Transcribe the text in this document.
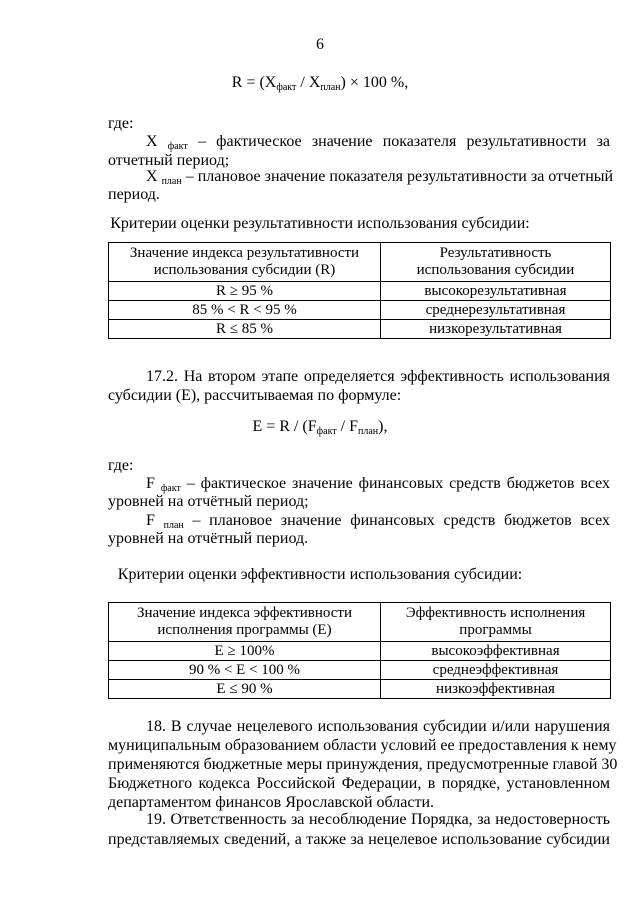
6
$R = (X_{факт} / X_{план}) \times 100$ %,
где:
X $_{факт}$ – фактическое значение показателя результативности за
отчетный период;
X $_{план}$ – плановое значение показателя результативности за отчетный
период.
Критерии оценки результативности использования субсидии:
Значение индекса результативности
использования субсидии (R)	Результативность
использования субсидии
R ≥ 95 %	высокорезультативная
85 % < R < 95 %	среднерезультативная
R ≤ 85 %	низкорезультативная
17.2. На втором этапе определяется эффективность использования
субсидии (Е), рассчитываемая по формуле:
$Е = R / (F_{факт} / F_{план})$,
где:
F $_{факт}$ – фактическое значение финансовых средств бюджетов всех
уровней на отчётный период;
F $_{план}$ – плановое значение финансовых средств бюджетов всех
уровней на отчётный период.
Критерии оценки эффективности использования субсидии:
Значение индекса эффективности
исполнения программы (Е)	Эффективность исполнения
программы
Е ≥ 100%	высокоэффективная
90 % < Е < 100 %	среднеэффективная
Е ≤ 90 %	низкоэффективная
18. В случае нецелевого использования субсидии и/или нарушения
муниципальным образованием области условий ее предоставления к нему
применяются бюджетные меры принуждения, предусмотренные главой 30
Бюджетного кодекса Российской Федерации, в порядке, установленном
департаментом финансов Ярославской области.
19. Ответственность за несоблюдение Порядка, за недостоверность
представляемых сведений, а также за нецелевое использование субсидии
